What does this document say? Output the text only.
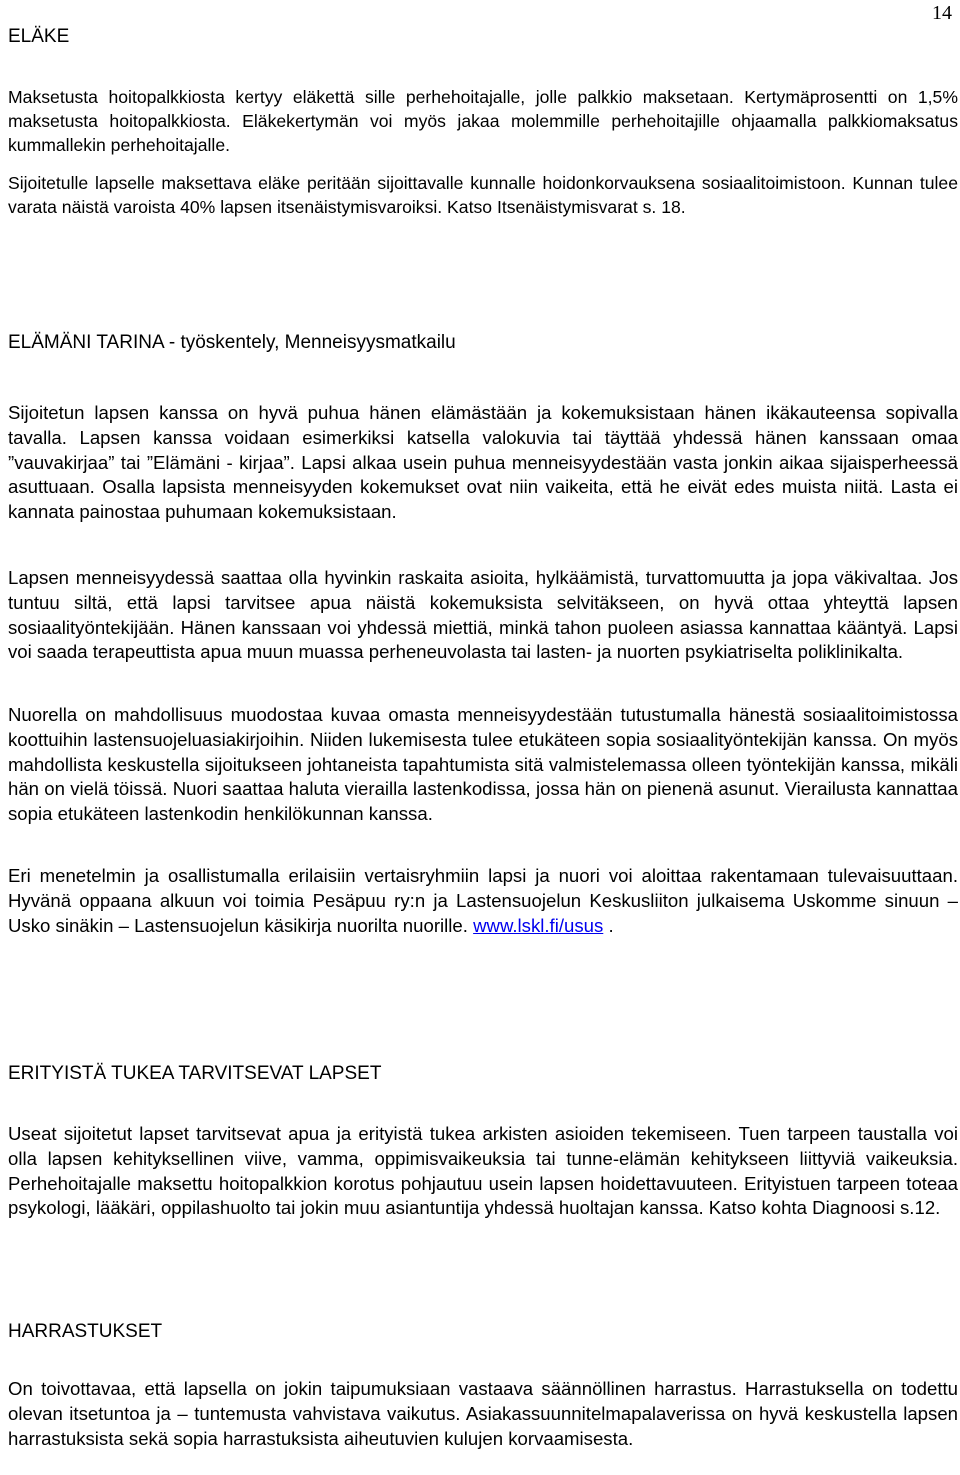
14
ELÄKE

Maksetusta hoitopalkkiosta kertyy eläkettä sille perhehoitajalle, jolle palkkio maksetaan. Kertymäprosentti on 1,5% maksetusta hoitopalkkiosta. Eläkekertymän voi myös jakaa molemmille perhehoitajille ohjaamalla palkkiomaksatus kummallekin perhehoitajalle.

Sijoitetulle lapselle maksettava eläke peritään sijoittavalle kunnalle hoidonkorvauksena sosiaalitoimistoon. Kunnan tulee varata näistä varoista 40% lapsen itsenäistymisvaroiksi. Katso Itsenäistymisvarat s. 18.

ELÄMÄNI TARINA - työskentely, Menneisyysmatkailu

Sijoitetun lapsen kanssa on hyvä puhua hänen elämästään ja kokemuksistaan hänen ikäkauteensa sopivalla tavalla. Lapsen kanssa voidaan esimerkiksi katsella valokuvia tai täyttää yhdessä hänen kanssaan omaa ”vauvakirjaa” tai ”Elämäni - kirjaa”. Lapsi alkaa usein puhua menneisyydestään vasta jonkin aikaa sijaisperheessä asuttuaan. Osalla lapsista menneisyyden kokemukset ovat niin vaikeita, että he eivät edes muista niitä. Lasta ei kannata painostaa puhumaan kokemuksistaan.

Lapsen menneisyydessä saattaa olla hyvinkin raskaita asioita, hylkäämistä, turvattomuutta ja jopa väkivaltaa. Jos tuntuu siltä, että lapsi tarvitsee apua näistä kokemuksista selvitäkseen, on hyvä ottaa yhteyttä lapsen sosiaalityöntekijään. Hänen kanssaan voi yhdessä miettiä, minkä tahon puoleen asiassa kannattaa kääntyä. Lapsi voi saada terapeuttista apua muun muassa perheneuvolasta tai lasten- ja nuorten psykiatriselta poliklinikalta.

Nuorella on mahdollisuus muodostaa kuvaa omasta menneisyydestään tutustumalla hänestä sosiaalitoimistossa koottuihin lastensuojeluasiakirjoihin. Niiden lukemisesta tulee etukäteen sopia sosiaalityöntekijän kanssa. On myös mahdollista keskustella sijoitukseen johtaneista tapahtumista sitä valmistelemassa olleen työntekijän kanssa, mikäli hän on vielä töissä. Nuori saattaa haluta vierailla lastenkodissa, jossa hän on pienenä asunut. Vierailusta kannattaa sopia etukäteen lastenkodin henkilökunnan kanssa.

Eri menetelmin ja osallistumalla erilaisiin vertaisryhmiin lapsi ja nuori voi aloittaa rakentamaan tulevaisuuttaan. Hyvänä oppaana alkuun voi toimia Pesäpuu ry:n ja Lastensuojelun Keskusliiton julkaisema Uskomme sinuun – Usko sinäkin – Lastensuojelun käsikirja nuorilta nuorille. www.lskl.fi/usus .

ERITYISTÄ TUKEA TARVITSEVAT LAPSET

Useat sijoitetut lapset tarvitsevat apua ja erityistä tukea arkisten asioiden tekemiseen. Tuen tarpeen taustalla voi olla lapsen kehityksellinen viive, vamma, oppimisvaikeuksia tai tunne-elämän kehitykseen liittyviä vaikeuksia. Perhehoitajalle maksettu hoitopalkkion korotus pohjautuu usein lapsen hoidettavuuteen. Erityistuen tarpeen toteaa psykologi, lääkäri, oppilashuolto tai jokin muu asiantuntija yhdessä huoltajan kanssa. Katso kohta Diagnoosi s.12.

HARRASTUKSET

On toivottavaa, että lapsella on jokin taipumuksiaan vastaava säännöllinen harrastus. Harrastuksella on todettu olevan itsetuntoa ja – tuntemusta vahvistava vaikutus. Asiakassuunnitelmapalaverissa on hyvä keskustella lapsen harrastuksista sekä sopia harrastuksista aiheutuvien kulujen korvaamisesta.
